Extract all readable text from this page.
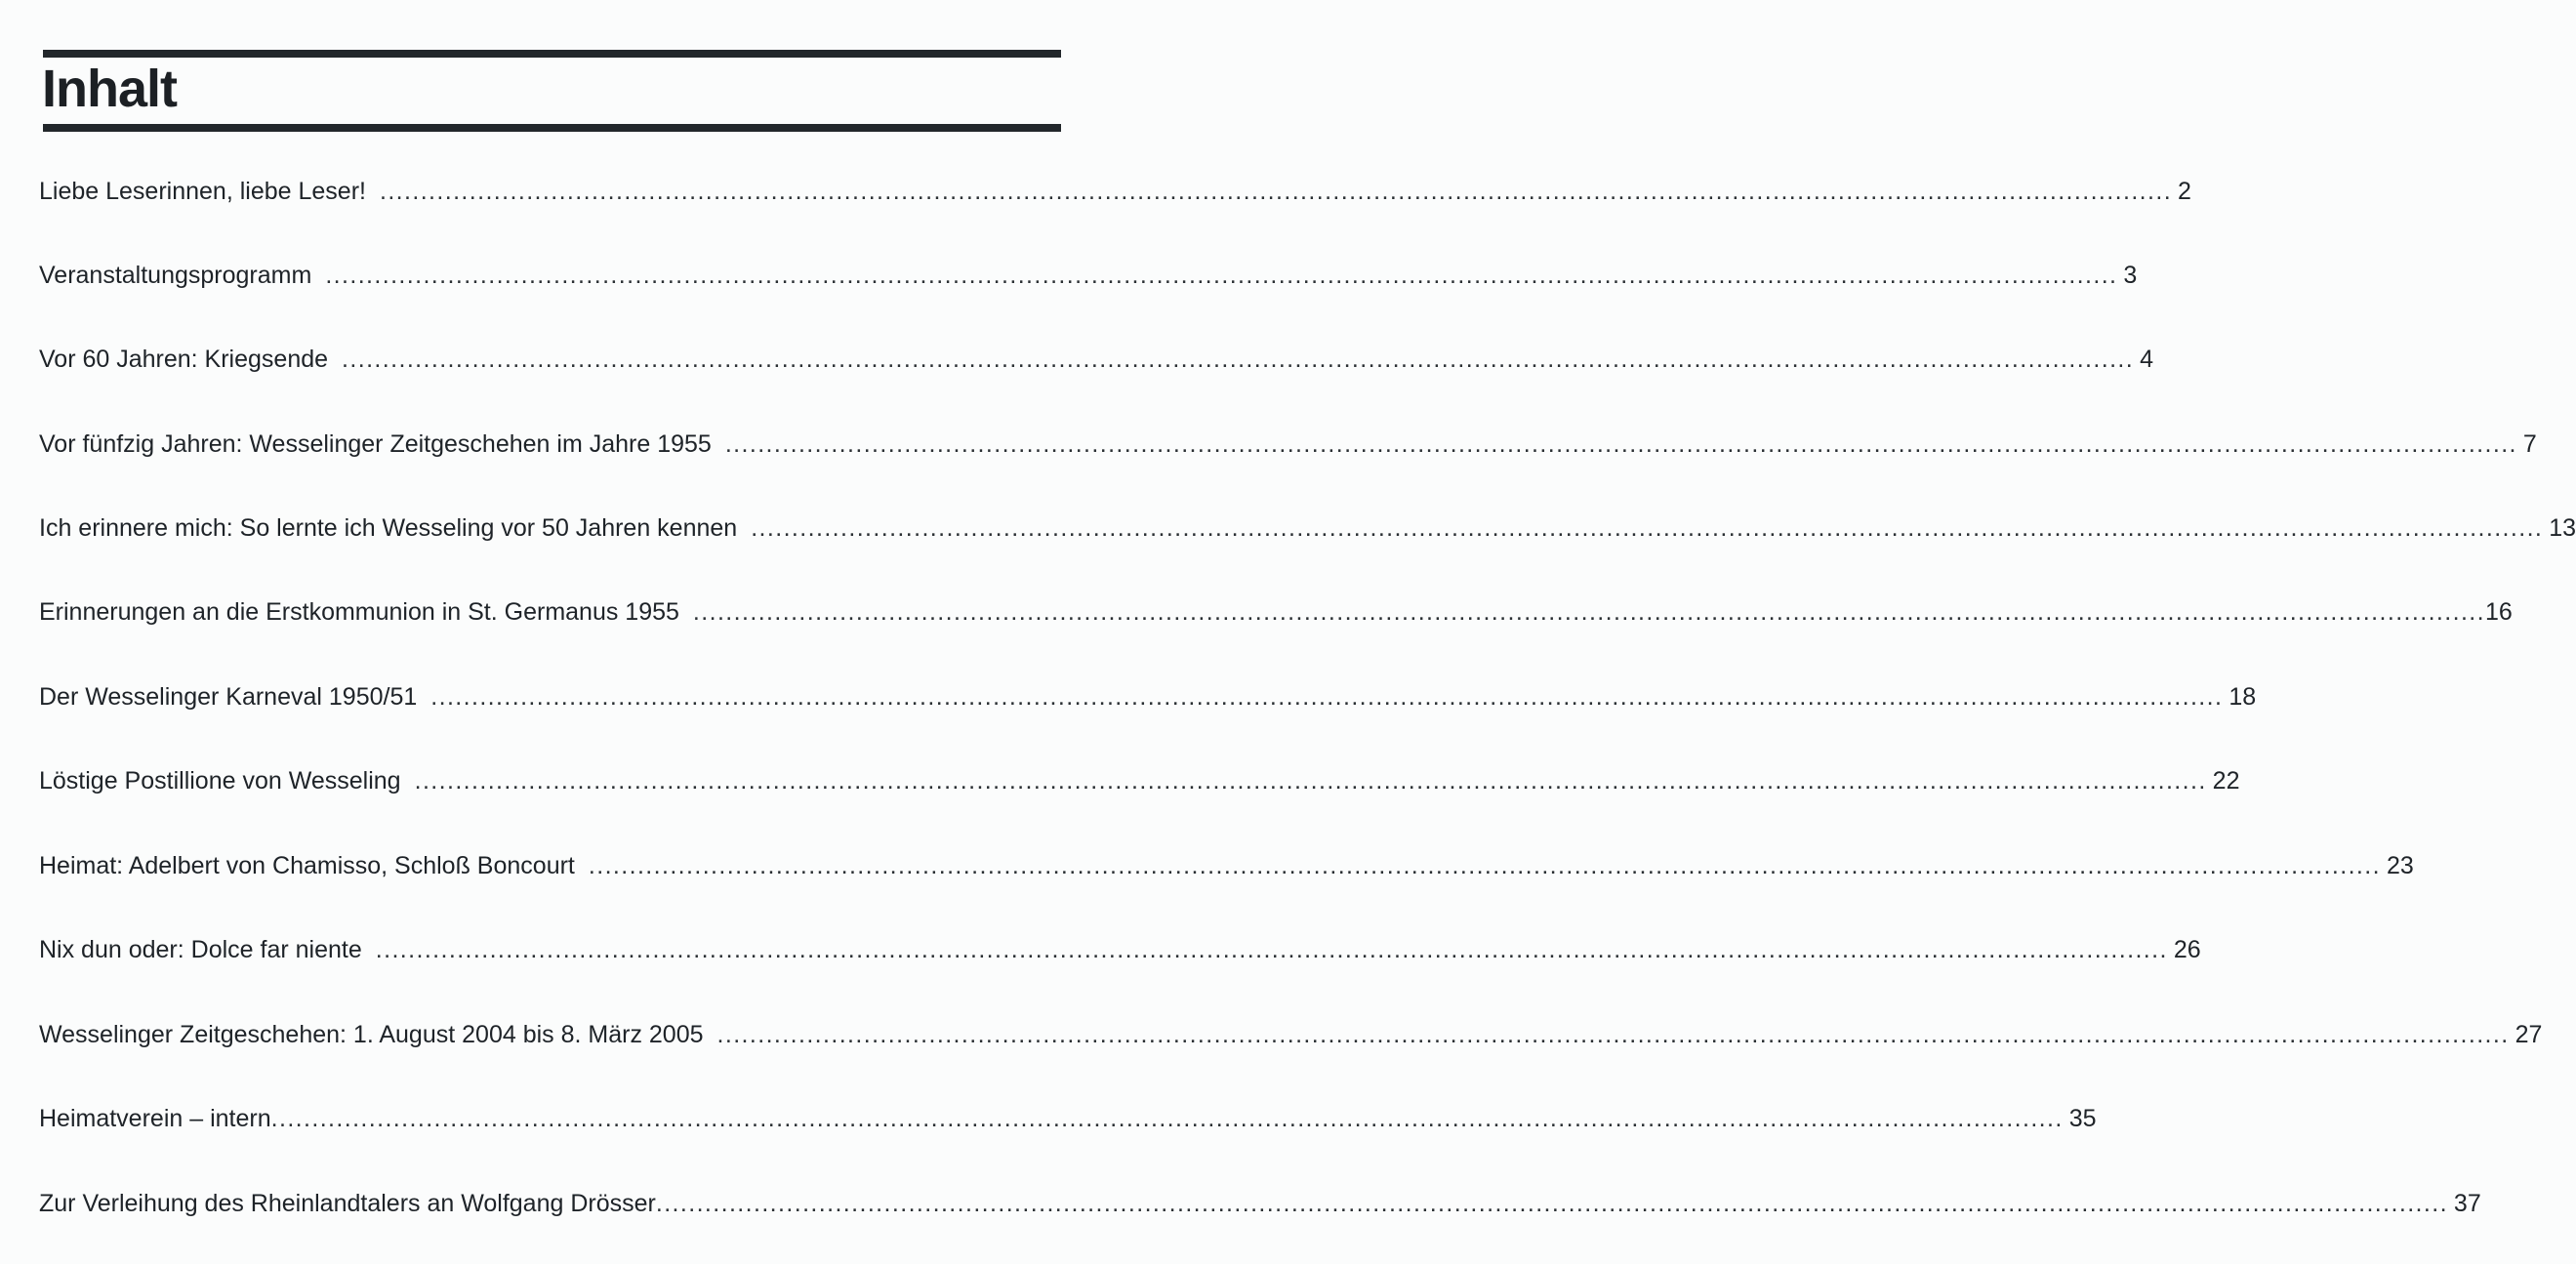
Inhalt
Liebe Leserinnen, liebe Leser! ............................................................................................................................................................................................................................ 2
Veranstaltungsprogramm ............................................................................................................................................................................................................................ 3
Vor 60 Jahren: Kriegsende ............................................................................................................................................................................................................................ 4
Vor fünfzig Jahren: Wesselinger Zeitgeschehen im Jahre 1955 ............................................................................................................................................................................................................................ 7
Ich erinnere mich: So lernte ich Wesseling vor 50 Jahren kennen ............................................................................................................................................................................................................................ 13
Erinnerungen an die Erstkommunion in St. Germanus 1955 ............................................................................................................................................................................................................................ 16
Der Wesselinger Karneval 1950/51 ............................................................................................................................................................................................................................ 18
Löstige Postillione von Wesseling ............................................................................................................................................................................................................................ 22
Heimat: Adelbert von Chamisso, Schloß Boncourt ............................................................................................................................................................................................................................ 23
Nix dun oder: Dolce far niente ............................................................................................................................................................................................................................ 26
Wesselinger Zeitgeschehen: 1. August 2004 bis 8. März 2005 ............................................................................................................................................................................................................................ 27
Heimatverein – intern ............................................................................................................................................................................................................................ 35
Zur Verleihung des Rheinlandtalers an Wolfgang Drösser ............................................................................................................................................................................................................................ 37
